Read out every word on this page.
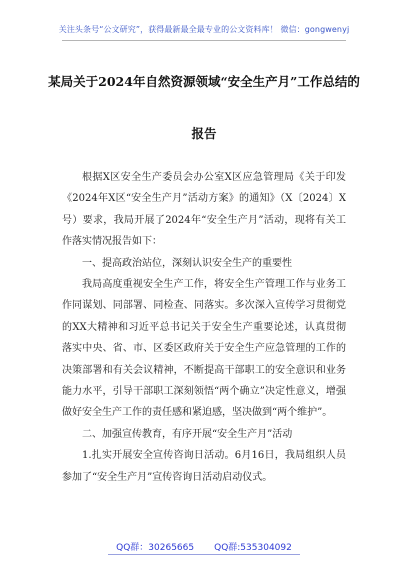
关注头条号“公文研究”，获得最新最全最专业的公文资料库！ 微信：gongwenyj
某局关于2024年自然资源领域“安全生产月”工作总结的
报告

根据X区安全生产委员会办公室X区应急管理局《关于印发《2024年X区“安全生产月”活动方案》的通知》（X〔2024〕X号）要求，我局开展了2024年“安全生产月”活动，现将有关工作落实情况报告如下：

一、提高政治站位，深刻认识安全生产的重要性

我局高度重视安全生产工作，将安全生产管理工作与业务工作同谋划、同部署、同检查、同落实。多次深入宣传学习贯彻党的XX大精神和习近平总书记关于安全生产重要论述，认真贯彻落实中央、省、市、区委区政府关于安全生产应急管理的工作的决策部署和有关会议精神，不断提高干部职工的安全意识和业务能力水平，引导干部职工深刻领悟“两个确立”决定性意义，增强做好安全生产工作的责任感和紧迫感，坚决做到“两个维护”。

二、加强宣传教育，有序开展“安全生产月”活动

1.扎实开展安全宣传咨询日活动。6月16日，我局组织人员参加了“安全生产月”宣传咨询日活动启动仪式。

QQ群：30265665 QQ群:535304092
